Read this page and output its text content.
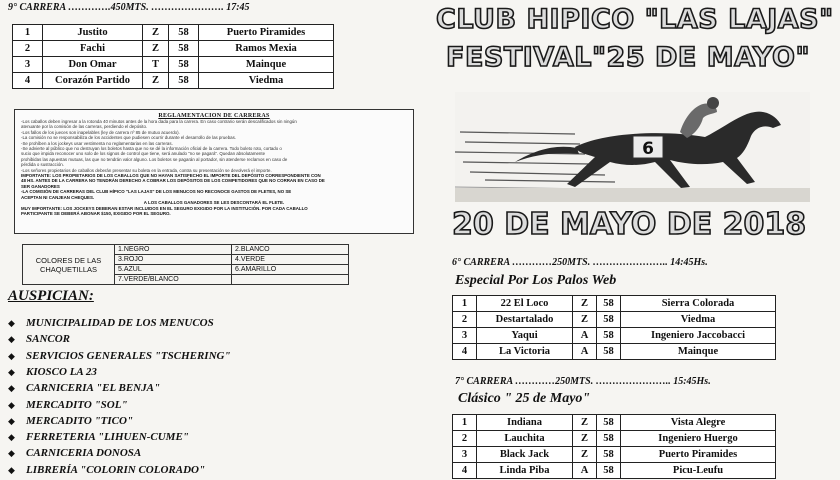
9° CARRERA ………….450MTS. …………………. 17:45
1	Justito	Z	58	Puerto Piramides
2	Fachi	Z	58	Ramos Mexia
3	Don Omar	T	58	Mainque
4	Corazón Partido	Z	58	Viedma
REGLAMENTACION DE CARRERAS

-Los caballos deben ingresar a la rotonda 40 minutos antes de la hora dada para la carrera. En caso contrario serán descalificados sin ningún

atenuante por la comisión de las carreras, perdiendo el depósito.

-Los fallos de los jueces son inapelables (ley de carrera nº 85 de mutuo acuerdo).

-La comisión no se responsabiliza de los accidentes que pudiesen ocurrir durante el desarrollo de las pruebas.

-Se prohíben a los jockeys usar vestimenta no reglamentarias en las carreras.

-Se advierte al público que no destruyan los boletos hasta que no se dé la información oficial de la carrera. Todo boleto roto, cortado o

sucio que impida reconocer uno solo de los signos de control que tiene, será anulado "no se pagará". Quedan absolutamente

prohibidas las apuestas mutuas, las que no tendrán valor alguno. Los boletos se pagarán al portador, sin atenderse reclamos en caso de

pérdida o sustracción.

-Los señores propietarios de caballos deberán presentar su boleta en la entrada, contra su presentación se devolverá el importe.

IMPORTANTE: LOS PROPIETARIOS DE LOS CABALLOS QUE NO HAYAN SATISFECHO EL IMPORTE DEL DEPÓSITO CORRESPONDIENTE CON

48 HS. ANTES DE LA CARRERA NO TENDRÁN DERECHO A COBRAR LOS DEPÓSITOS DE LOS COMPETIDORES QUE NO CORRAN EN CASO DE

SER GANADORES

-LA COMISIÓN DE CARRERAS DEL CLUB HÍPICO "LAS LAJAS" DE LOS MENUCOS NO RECONOCE GASTOS DE FLETES, NO SE

ACEPTAN NI CANJEAN CHEQUES.

A LOS CABALLOS GANADORES SE LES DESCONTARÁ EL FLETE.

MUY IMPORTANTE: LOS JOCKEYS DEBERAN ESTAR INCLUIDOS EN EL SEGURO EXIGIDO POR LA INSTITUCIÓN. POR CADA CABALLO

PARTICIPANTE SE DEBERÁ ABONAR $150, EXIGIDO POR EL SEGURO.

COLORES DE LAS CHAQUETILLAS	1.NEGRO	2.BLANCO
	3.ROJO	4.VERDE
	5.AZUL	6.AMARILLO
	7.VERDE/BLANCO	
AUSPICIAN:
◆ MUNICIPALIDAD DE LOS MENUCOS
◆ SANCOR
◆ SERVICIOS GENERALES "TSCHERING"
◆ KIOSCO LA 23
◆ CARNICERIA "EL BENJA"
◆ MERCADITO "SOL"
◆ MERCADITO "TICO"
◆ FERRETERIA "LIHUEN-CUME"
◆ CARNICERIA DONOSA
◆ LIBRERÍA "COLORIN COLORADO"
CLUB HIPICO "LAS LAJAS"
FESTIVAL"25 DE MAYO"
6
20 DE MAYO DE 2018
6° CARRERA …………250MTS. ………………….. 14:45Hs.
Especial Por Los Palos Web
1	22 El Loco	Z	58	Sierra Colorada
2	Destartalado	Z	58	Viedma
3	Yaqui	A	58	Ingeniero Jaccobacci
4	La Victoria	A	58	Mainque
7° CARRERA …………250MTS. ………………….. 15:45Hs.
Clásico " 25 de Mayo"
1	Indiana	Z	58	Vista Alegre
2	Lauchita	Z	58	Ingeniero Huergo
3	Black Jack	Z	58	Puerto Piramides
4	Linda Piba	A	58	Picu-Leufu
